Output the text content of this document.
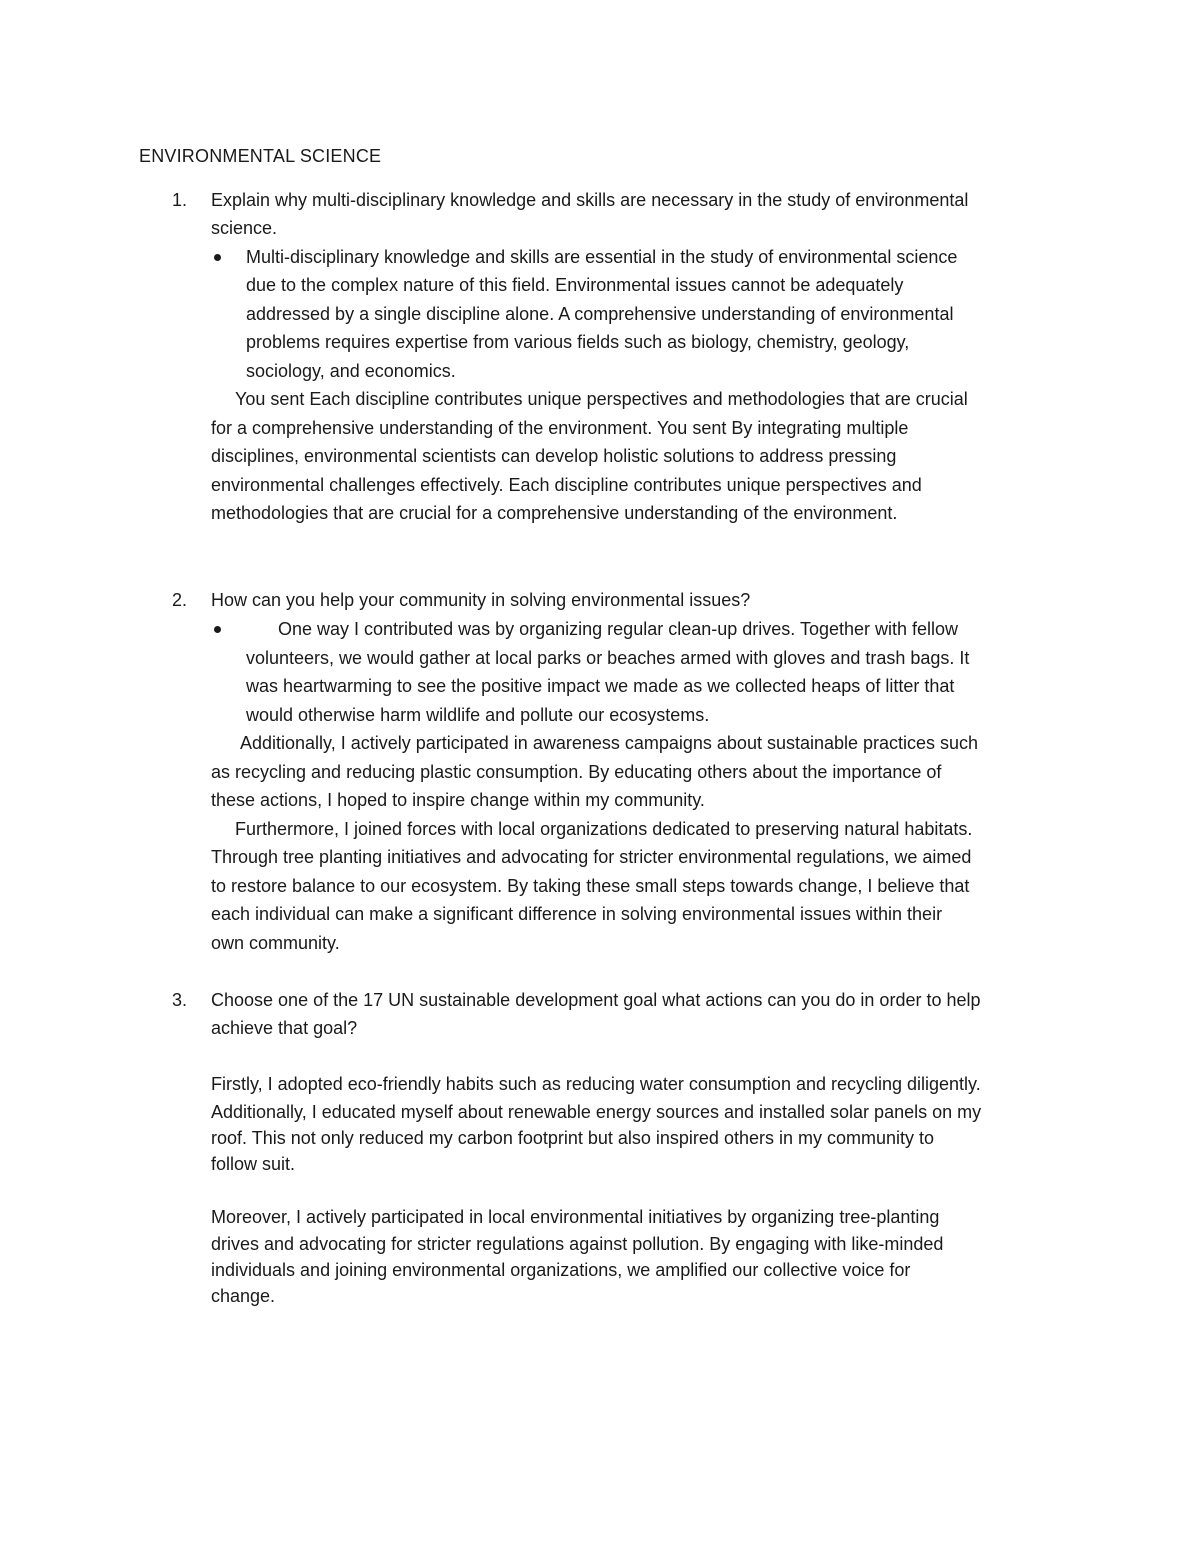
ENVIRONMENTAL SCIENCE
1. Explain why multi-disciplinary knowledge and skills are necessary in the study of environmental
science.
Multi-disciplinary knowledge and skills are essential in the study of environmental science
due to the complex nature of this field. Environmental issues cannot be adequately
addressed by a single discipline alone. A comprehensive understanding of environmental
problems requires expertise from various fields such as biology, chemistry, geology,
sociology, and economics.
You sent Each discipline contributes unique perspectives and methodologies that are crucial
for a comprehensive understanding of the environment. You sent By integrating multiple
disciplines, environmental scientists can develop holistic solutions to address pressing
environmental challenges effectively. Each discipline contributes unique perspectives and
methodologies that are crucial for a comprehensive understanding of the environment.
2. How can you help your community in solving environmental issues?
One way I contributed was by organizing regular clean-up drives. Together with fellow
volunteers, we would gather at local parks or beaches armed with gloves and trash bags. It
was heartwarming to see the positive impact we made as we collected heaps of litter that
would otherwise harm wildlife and pollute our ecosystems.
Additionally, I actively participated in awareness campaigns about sustainable practices such
as recycling and reducing plastic consumption. By educating others about the importance of
these actions, I hoped to inspire change within my community.
Furthermore, I joined forces with local organizations dedicated to preserving natural habitats.
Through tree planting initiatives and advocating for stricter environmental regulations, we aimed
to restore balance to our ecosystem. By taking these small steps towards change, I believe that
each individual can make a significant difference in solving environmental issues within their
own community.
3. Choose one of the 17 UN sustainable development goal what actions can you do in order to help
achieve that goal?
Firstly, I adopted eco-friendly habits such as reducing water consumption and recycling diligently.
Additionally, I educated myself about renewable energy sources and installed solar panels on my
roof. This not only reduced my carbon footprint but also inspired others in my community to
follow suit.
Moreover, I actively participated in local environmental initiatives by organizing tree-planting
drives and advocating for stricter regulations against pollution. By engaging with like-minded
individuals and joining environmental organizations, we amplified our collective voice for
change.
